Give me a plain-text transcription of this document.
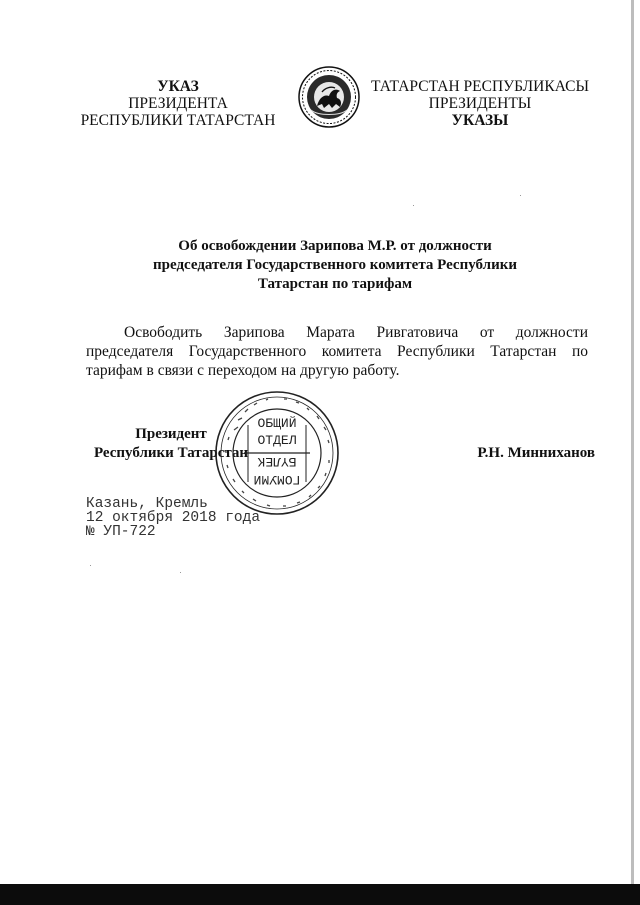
УКАЗ
ПРЕЗИДЕНТА
РЕСПУБЛИКИ ТАТАРСТАН
ТАТАРСТАН РЕСПУБЛИКАСЫ
ПРЕЗИДЕНТЫ
УКАЗЫ
Об освобождении Зарипова М.Р. от должности
председателя Государственного комитета Республики
Татарстан по тарифам
Освободить Зарипова Марата Ривгатовича от должности председателя Государственного комитета Республики Татарстан по тарифам в связи с переходом на другую работу.
Президент
Республики Татарстан
ОБЩИЙ
ОТДЕЛ
БҮЛЕК
ГОМУМИ
Р.Н. Минниханов
Казань, Кремль
12 октября 2018 года
№ УП-722
